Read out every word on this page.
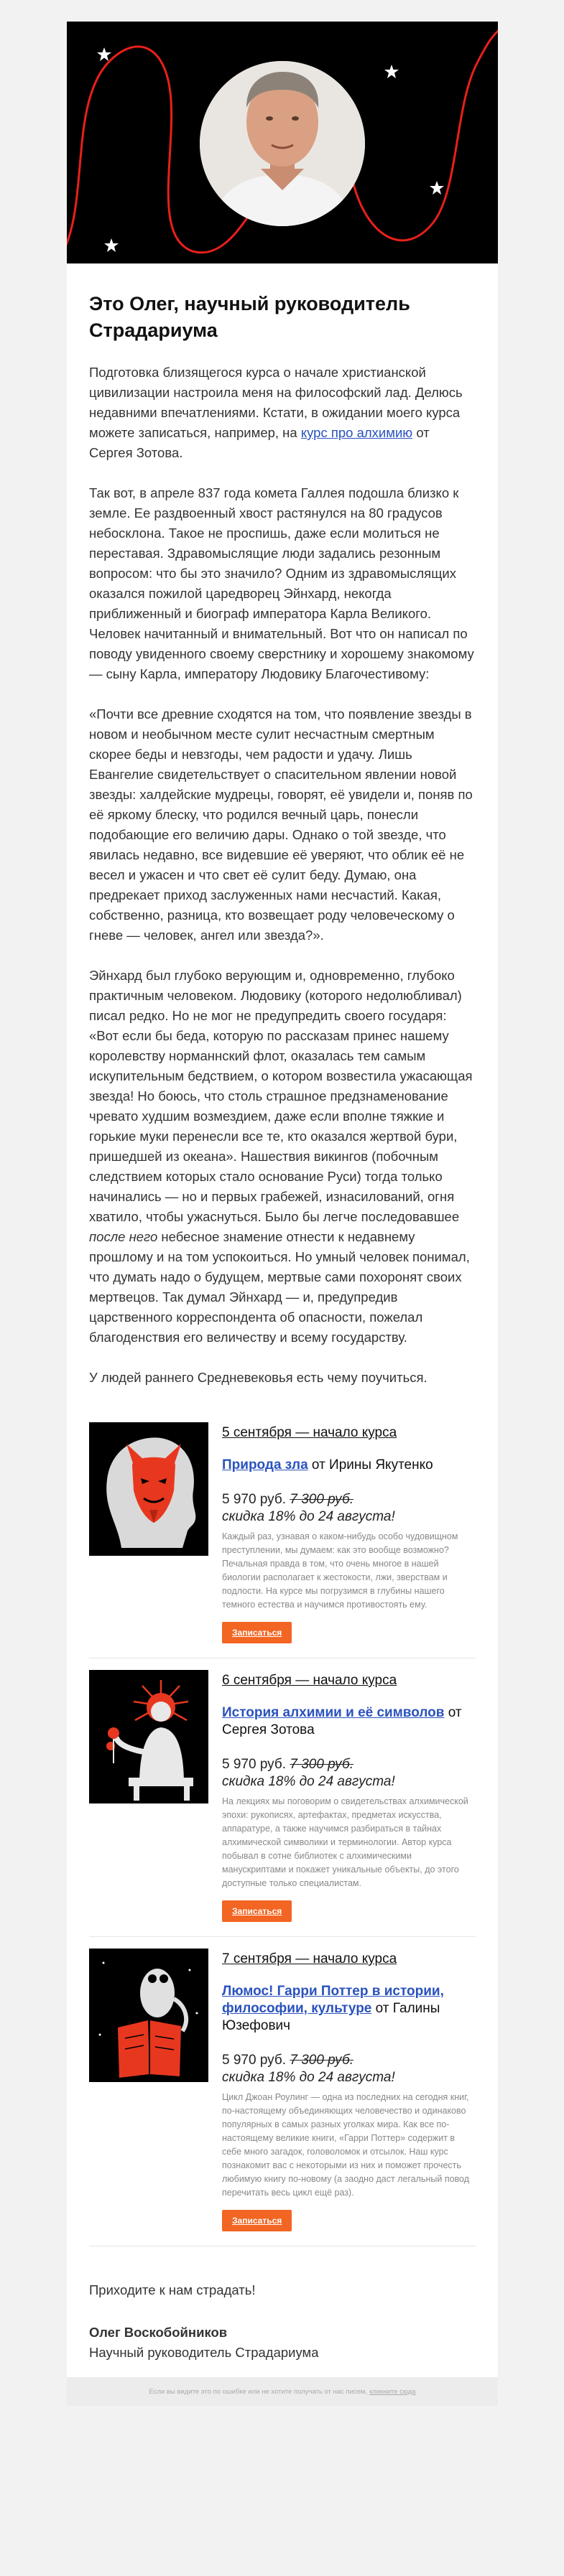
Это Олег, научный руководитель Страдариума

Подготовка близящегося курса о начале христианской цивилизации настроила меня на философский лад. Делюсь недавними впечатлениями. Кстати, в ожидании моего курса можете записаться, например, на курс про алхимию от Сергея Зотова.

Так вот, в апреле 837 года комета Галлея подошла близко к земле. Ее раздвоенный хвост растянулся на 80 градусов небосклона. Такое не проспишь, даже если молиться не переставая. Здравомыслящие люди задались резонным вопросом: что бы это значило? Одним из здравомыслящих оказался пожилой царедворец Эйнхард, некогда приближенный и биограф императора Карла Великого. Человек начитанный и внимательный. Вот что он написал по поводу увиденного своему сверстнику и хорошему знакомому — сыну Карла, императору Людовику Благочестивому:

«Почти все древние сходятся на том, что появление звезды в новом и необычном месте сулит несчастным смертным скорее беды и невзгоды, чем радости и удачу. Лишь Евангелие свидетельствует о спасительном явлении новой звезды: халдейские мудрецы, говорят, её увидели и, поняв по её яркому блеску, что родился вечный царь, понесли подобающие его величию дары. Однако о той звезде, что явилась недавно, все видевшие её уверяют, что облик её не весел и ужасен и что свет её сулит беду. Думаю, она предрекает приход заслуженных нами несчастий. Какая, собственно, разница, кто возвещает роду человеческому о гневе — человек, ангел или звезда?».

Эйнхард был глубоко верующим и, одновременно, глубоко практичным человеком. Людовику (которого недолюбливал) писал редко. Но не мог не предупредить своего государя: «Вот если бы беда, которую по рассказам принес нашему королевству норманнский флот, оказалась тем самым искупительным бедствием, о котором возвестила ужасающая звезда! Но боюсь, что столь страшное предзнаменование чревато худшим возмездием, даже если вполне тяжкие и горькие муки перенесли все те, кто оказался жертвой бури, пришедшей из океана». Нашествия викингов (побочным следствием которых стало основание Руси) тогда только начинались — но и первых грабежей, изнасилований, огня хватило, чтобы ужаснуться. Было бы легче последовавшее после него небесное знамение отнести к недавнему прошлому и на том успокоиться. Но умный человек понимал, что думать надо о будущем, мертвые сами похоронят своих мертвецов. Так думал Эйнхард — и, предупредив царственного корреспондента об опасности, пожелал благоденствия его величеству и всему государству.

У людей раннего Средневековья есть чему поучиться.

5 сентября — начало курса
Природа зла от Ирины Якутенко
5 970 руб. 7 300 руб.
скидка 18% до 24 августа!
Каждый раз, узнавая о каком-нибудь особо чудовищном преступлении, мы думаем: как это вообще возможно? Печальная правда в том, что очень многое в нашей биологии располагает к жестокости, лжи, зверствам и подлости. На курсе мы погрузимся в глубины нашего темного естества и научимся противостоять ему.
Записаться
6 сентября — начало курса
История алхимии и её символов от Сергея Зотова
5 970 руб. 7 300 руб.
скидка 18% до 24 августа!
На лекциях мы поговорим о свидетельствах алхимической эпохи: рукописях, артефактах, предметах искусства, аппаратуре, а также научимся разбираться в тайнах алхимической символики и терминологии. Автор курса побывал в сотне библиотек с алхимическими манускриптами и покажет уникальные объекты, до этого доступные только специалистам.
Записаться
7 сентября — начало курса
Люмос! Гарри Поттер в истории, философии, культуре от Галины Юзефович
5 970 руб. 7 300 руб.
скидка 18% до 24 августа!
Цикл Джоан Роулинг — одна из последних на сегодня книг, по-настоящему объединяющих человечество и одинаково популярных в самых разных уголках мира. Как все по-настоящему великие книги, «Гарри Поттер» содержит в себе много загадок, головоломок и отсылок. Наш курс познакомит вас с некоторыми из них и поможет прочесть любимую книгу по-новому (а заодно даст легальный повод перечитать весь цикл ещё раз).
Записаться
Приходите к нам страдать!
Олег Воскобойников
Научный руководитель Страдариума
Если вы видите это по ошибке или не хотите получать от нас писем, кликните сюда
